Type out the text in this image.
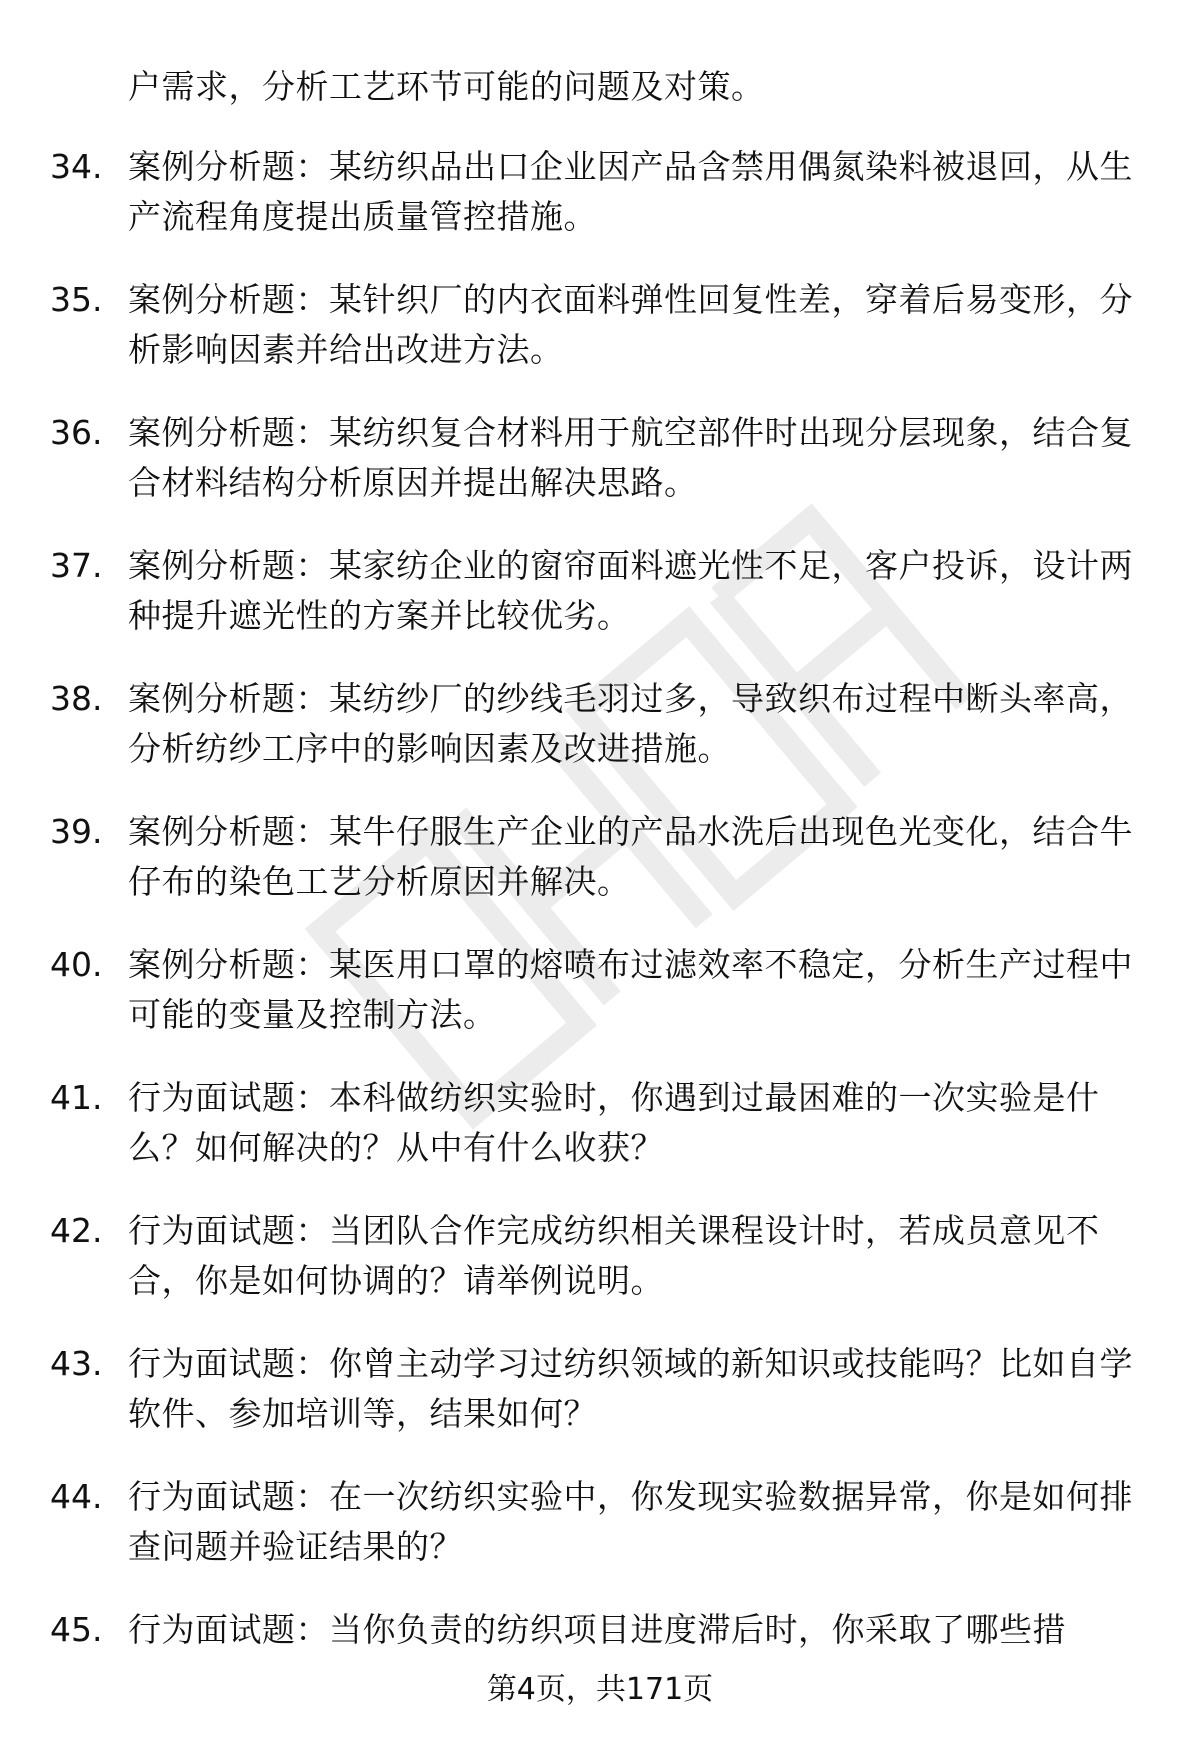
户需求，分析工艺环节可能的问题及对策。
34. 案例分析题：某纺织品出口企业因产品含禁用偶氮染料被退回，从生产流程角度提出质量管控措施。
35. 案例分析题：某针织厂的内衣面料弹性回复性差，穿着后易变形，分析影响因素并给出改进方法。
36. 案例分析题：某纺织复合材料用于航空部件时出现分层现象，结合复合材料结构分析原因并提出解决思路。
37. 案例分析题：某家纺企业的窗帘面料遮光性不足，客户投诉，设计两种提升遮光性的方案并比较优劣。
38. 案例分析题：某纺纱厂的纱线毛羽过多，导致织布过程中断头率高，分析纺纱工序中的影响因素及改进措施。
39. 案例分析题：某牛仔服生产企业的产品水洗后出现色光变化，结合牛仔布的染色工艺分析原因并解决。
40. 案例分析题：某医用口罩的熔喷布过滤效率不稳定，分析生产过程中可能的变量及控制方法。
41. 行为面试题：本科做纺织实验时，你遇到过最困难的一次实验是什么？如何解决的？从中有什么收获？
42. 行为面试题：当团队合作完成纺织相关课程设计时，若成员意见不合，你是如何协调的？请举例说明。
43. 行为面试题：你曾主动学习过纺织领域的新知识或技能吗？比如自学软件、参加培训等，结果如何？
44. 行为面试题：在一次纺织实验中，你发现实验数据异常，你是如何排查问题并验证结果的？
45. 行为面试题：当你负责的纺织项目进度滞后时，你采取了哪些措
第4页，共171页
